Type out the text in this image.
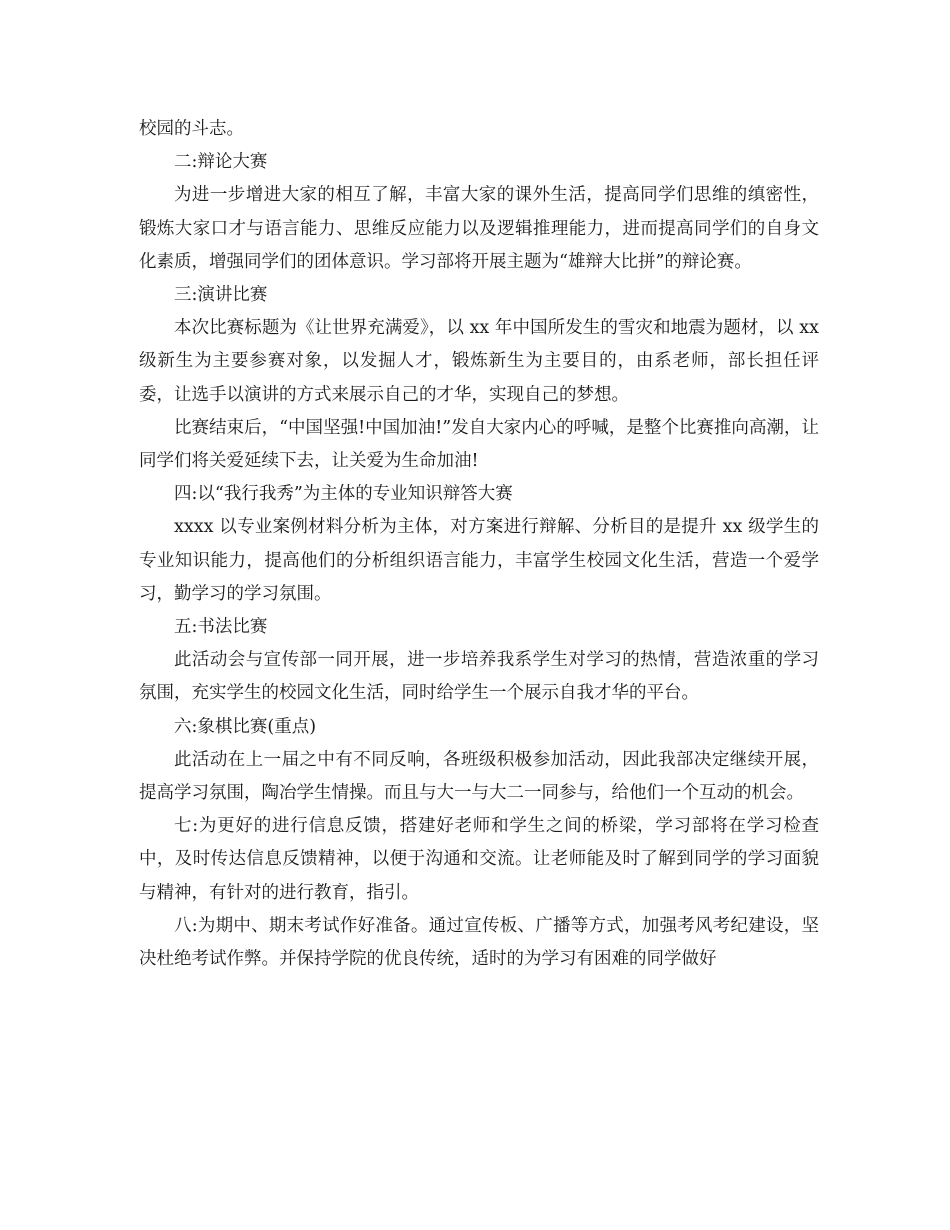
校园的斗志。

二:辩论大赛

为进一步增进大家的相互了解，丰富大家的课外生活，提高同学们思维的缜密性，锻炼大家口才与语言能力、思维反应能力以及逻辑推理能力，进而提高同学们的自身文化素质，增强同学们的团体意识。学习部将开展主题为“雄辩大比拼”的辩论赛。

三:演讲比赛

本次比赛标题为《让世界充满爱》，以 xx 年中国所发生的雪灾和地震为题材，以 xx 级新生为主要参赛对象，以发掘人才，锻炼新生为主要目的，由系老师，部长担任评委，让选手以演讲的方式来展示自己的才华，实现自己的梦想。

比赛结束后，“中国坚强!中国加油!”发自大家内心的呼喊，是整个比赛推向高潮，让同学们将关爱延续下去，让关爱为生命加油!

四:以“我行我秀”为主体的专业知识辩答大赛

xxxx 以专业案例材料分析为主体，对方案进行辩解、分析目的是提升 xx 级学生的专业知识能力，提高他们的分析组织语言能力，丰富学生校园文化生活，营造一个爱学习，勤学习的学习氛围。

五:书法比赛

此活动会与宣传部一同开展，进一步培养我系学生对学习的热情，营造浓重的学习氛围，充实学生的校园文化生活，同时给学生一个展示自我才华的平台。

六:象棋比赛(重点)

此活动在上一届之中有不同反响，各班级积极参加活动，因此我部决定继续开展，提高学习氛围，陶冶学生情操。而且与大一与大二一同参与，给他们一个互动的机会。

七:为更好的进行信息反馈，搭建好老师和学生之间的桥梁，学习部将在学习检查中，及时传达信息反馈精神，以便于沟通和交流。让老师能及时了解到同学的学习面貌与精神，有针对的进行教育，指引。

八:为期中、期末考试作好准备。通过宣传板、广播等方式，加强考风考纪建设，坚决杜绝考试作弊。并保持学院的优良传统，适时的为学习有困难的同学做好
